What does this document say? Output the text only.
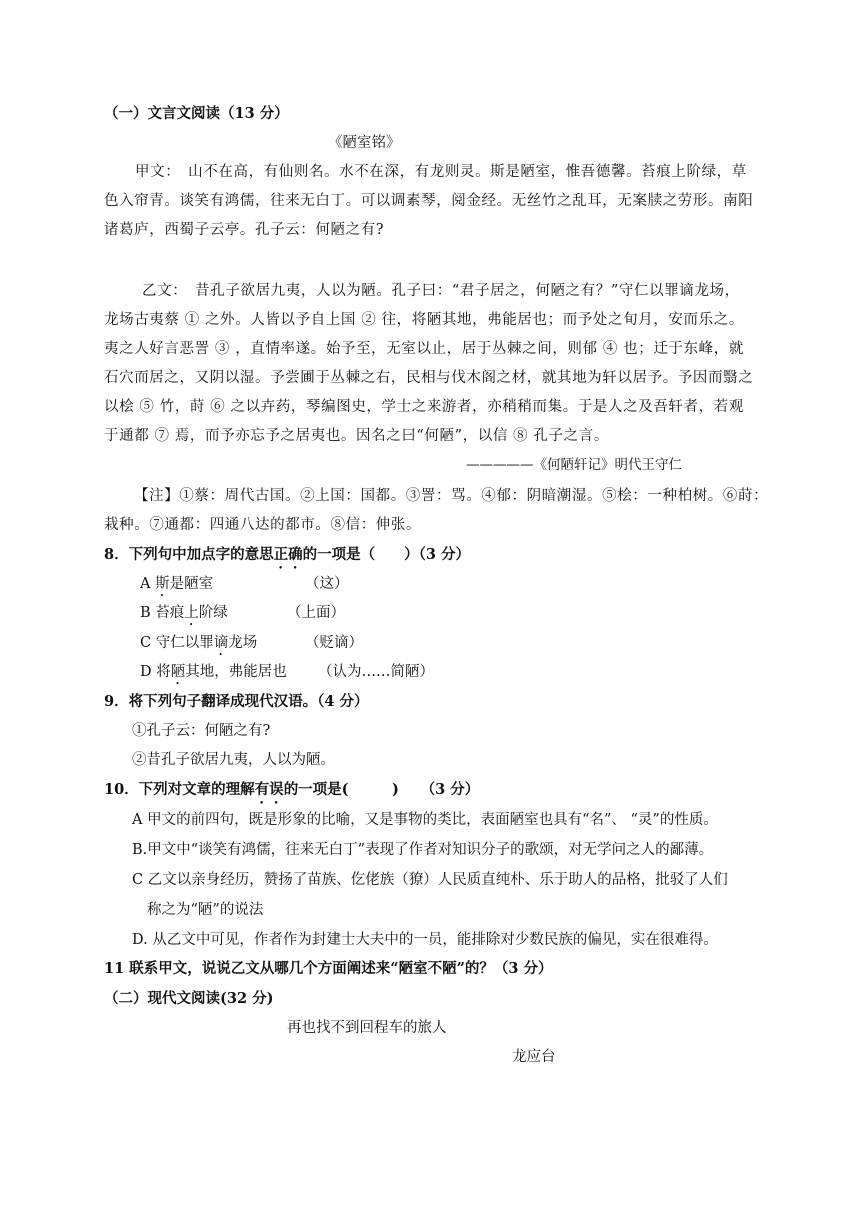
（一）文言文阅读（13 分）
《陋室铭》
甲文：　 山不在高，有仙则名。水不在深，有龙则灵。斯是陋室，惟吾德馨。苔痕上阶绿，草
色入帘青。谈笑有鸿儒，往来无白丁。可以调素琴，阅金经。无丝竹之乱耳，无案牍之劳形。南阳
诸葛庐，西蜀子云亭。孔子云：何陋之有?
乙文：　 昔孔子欲居九夷，人以为陋。孔子曰：“君子居之，何陋之有？”守仁以罪谪龙场，
龙场古夷蔡 ① 之外。人皆以予自上国 ② 往，将陋其地，弗能居也；而予处之旬月，安而乐之。
夷之人好言恶詈 ③ ，直情率遂。始予至，无室以止，居于丛棘之间，则郁 ④ 也；迁于东峰，就
石穴而居之，又阴以湿。予尝圃于丛棘之右，民相与伐木阁之材，就其地为轩以居予。予因而翳之
以桧 ⑤ 竹，莳 ⑥ 之以卉药，琴编图史，学士之来游者，亦稍稍而集。于是人之及吾轩者，若观
于通都 ⑦ 焉，而予亦忘予之居夷也。因名之曰“何陋”，以信 ⑧ 孔子之言。
—————《何陋轩记》明代王守仁
【注】①蔡：周代古国。②上国：国都。③詈：骂。④郁：阴暗潮湿。⑤桧：一种柏树。⑥莳：
栽种。⑦通都：四通八达的都市。⑧信：伸张。
8．下列句中加点字的意思正确的一项是（　　）（3 分）
A 斯是陋室	（这）
B 苔痕上阶绿	（上面）
C 守仁以罪谪龙场	（贬谪）
D 将陋其地，弗能居也 （认为……简陋）
9．将下列句子翻译成现代汉语。（4 分）
①孔子云：何陋之有?
②昔孔子欲居九夷，人以为陋。
10．下列对文章的理解有误的一项是(　　　)　　（3 分）
A 甲文的前四句，既是形象的比喻，又是事物的类比，表面陋室也具有“名”、 “灵”的性质。
B.甲文中“谈笑有鸿儒，往来无白丁”表现了作者对知识分子的歌颂，对无学问之人的鄙薄。
C 乙文以亲身经历，赞扬了苗族、仡佬族（獠）人民质直纯朴、乐于助人的品格，批驳了人们
称之为“陋”的说法
D. 从乙文中可见，作者作为封建士大夫中的一员，能排除对少数民族的偏见，实在很难得。
11 联系甲文，说说乙文从哪几个方面阐述来“陋室不陋”的？（3 分）
（二）现代文阅读(32 分)
再也找不到回程车的旅人
龙应台
